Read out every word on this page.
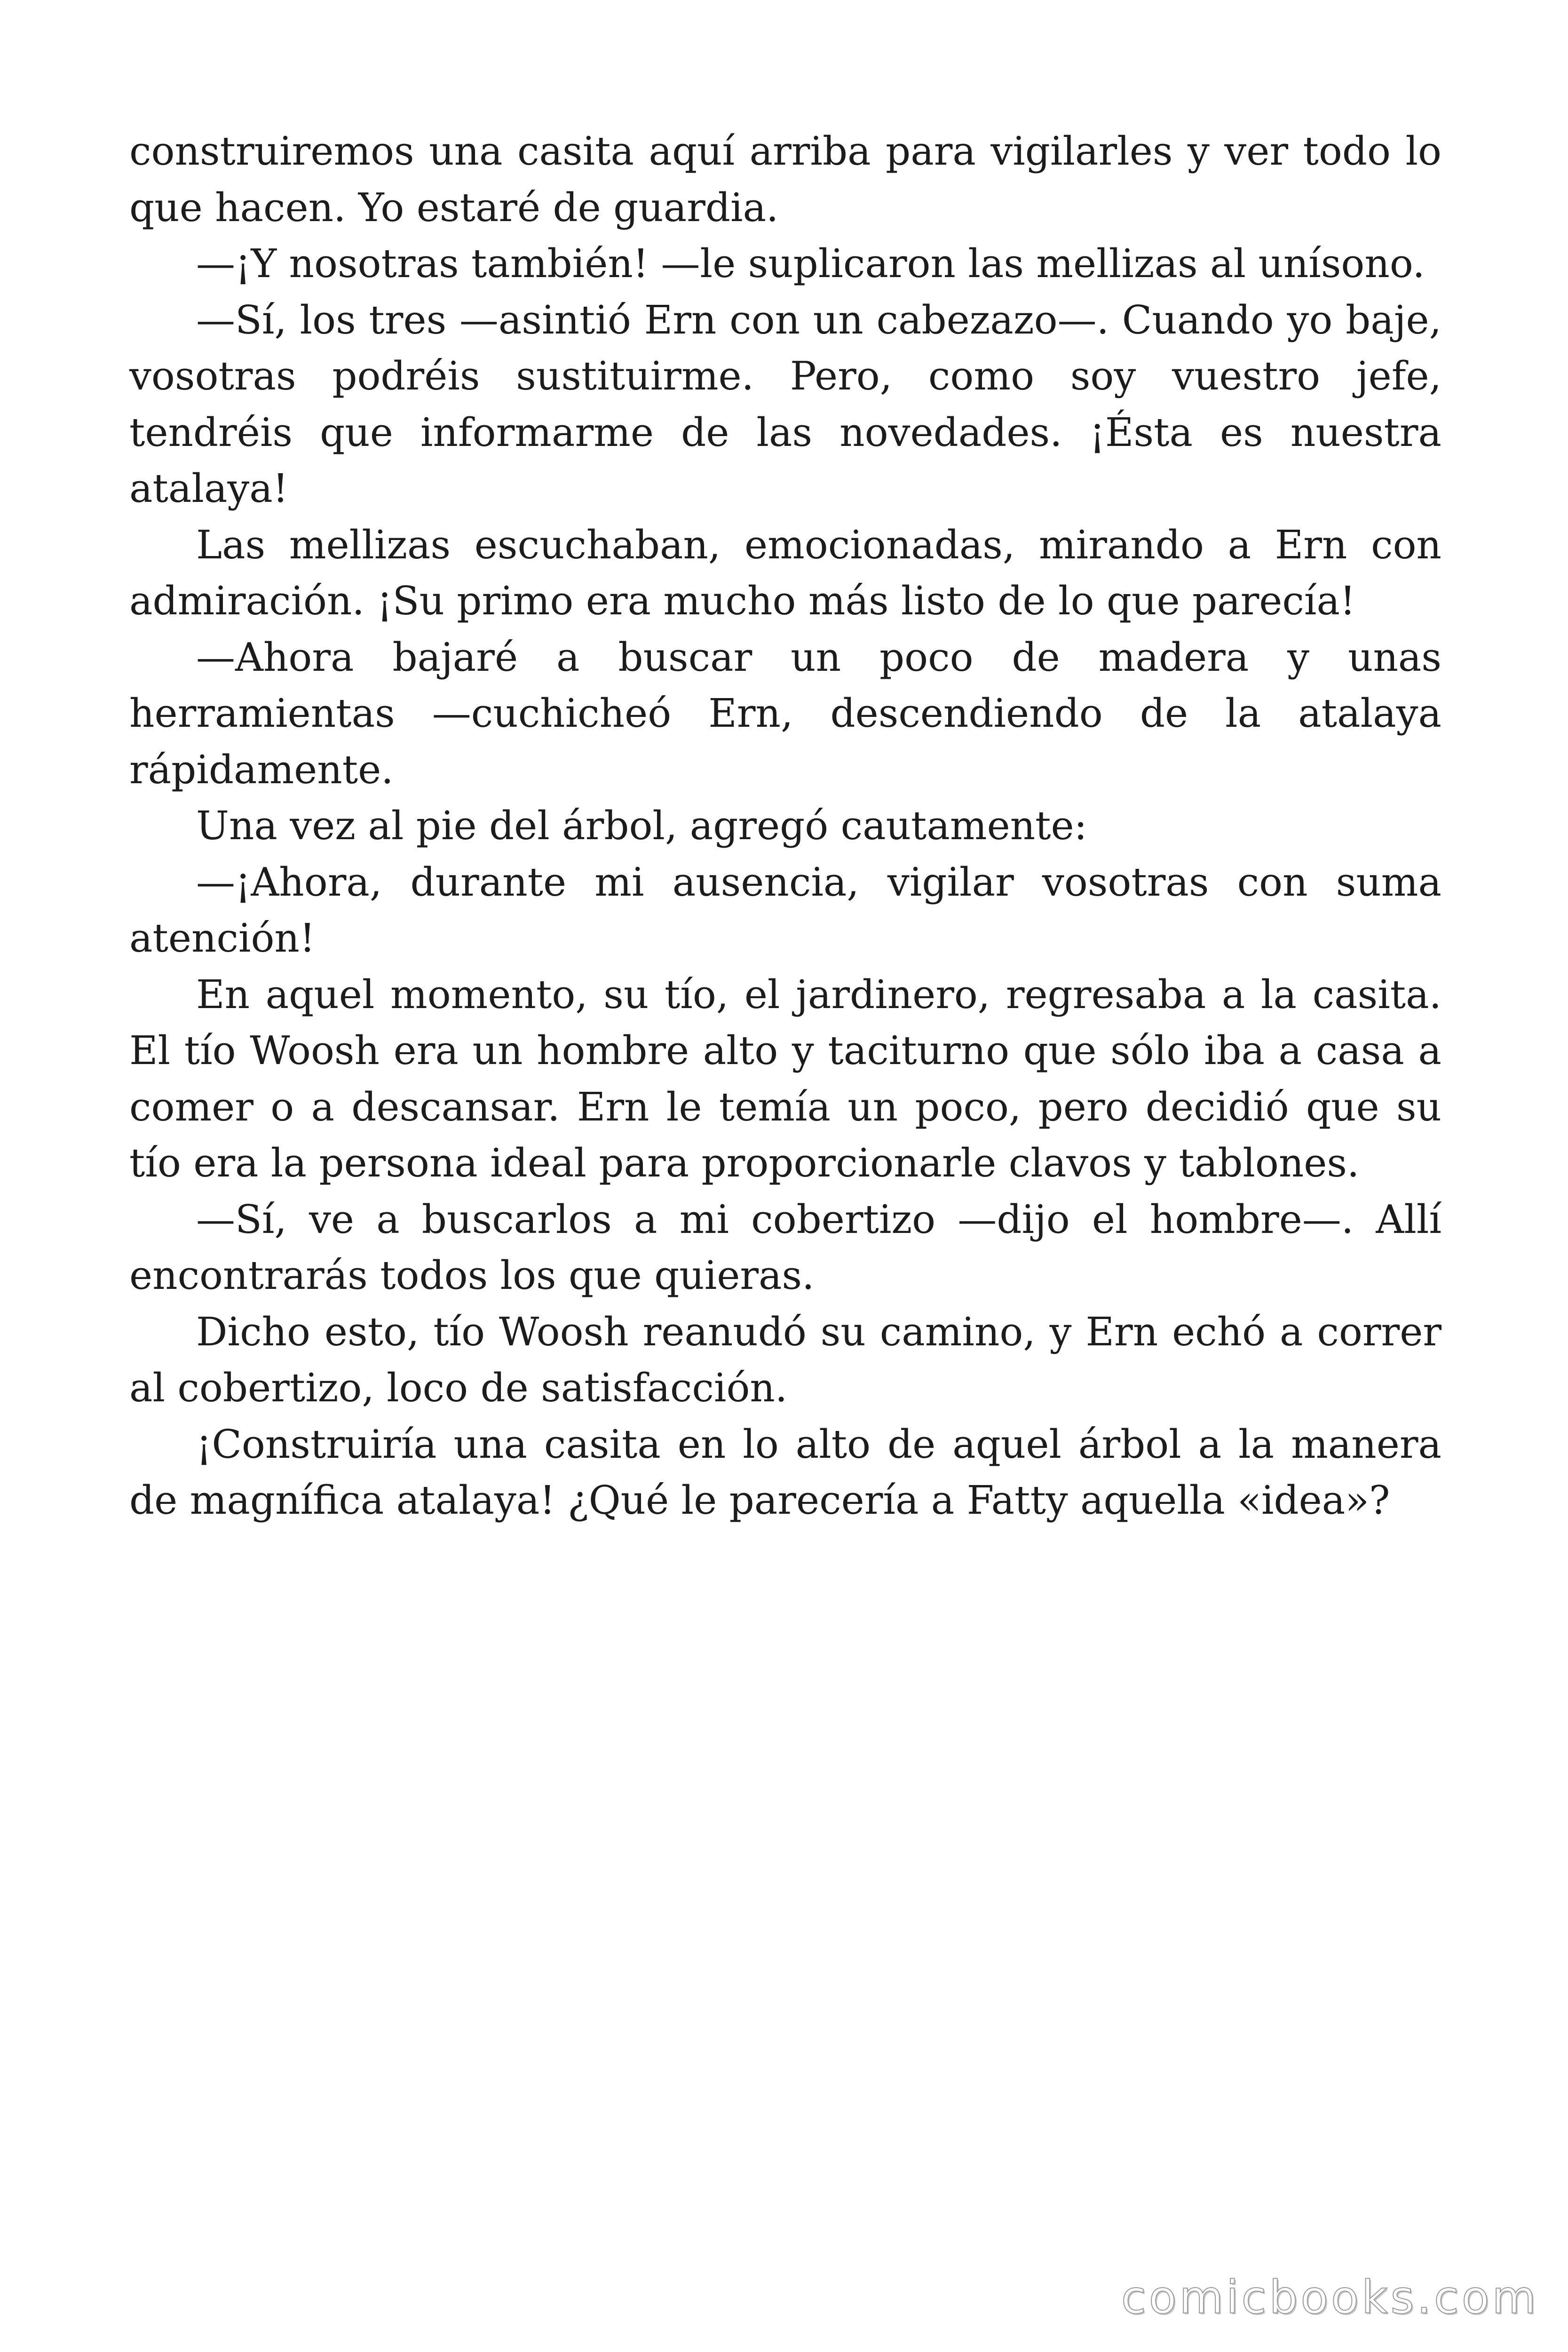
construiremos una casita aquí arriba para vigilarles y ver todo lo que hacen. Yo estaré de guardia.

—¡Y nosotras también! —le suplicaron las mellizas al unísono.

—Sí, los tres —asintió Ern con un cabezazo—. Cuando yo baje, vosotras podréis sustituirme. Pero, como soy vuestro jefe, tendréis que informarme de las novedades. ¡Ésta es nuestra atalaya!

Las mellizas escuchaban, emocionadas, mirando a Ern con admiración. ¡Su primo era mucho más listo de lo que parecía!

—Ahora bajaré a buscar un poco de madera y unas herramientas —cuchicheó Ern, descendiendo de la atalaya rápidamente.

Una vez al pie del árbol, agregó cautamente:

—¡Ahora, durante mi ausencia, vigilar vosotras con suma atención!

En aquel momento, su tío, el jardinero, regresaba a la casita. El tío Woosh era un hombre alto y taciturno que sólo iba a casa a comer o a descansar. Ern le temía un poco, pero decidió que su tío era la persona ideal para proporcionarle clavos y tablones.

—Sí, ve a buscarlos a mi cobertizo —dijo el hombre—. Allí encontrarás todos los que quieras.

Dicho esto, tío Woosh reanudó su camino, y Ern echó a correr al cobertizo, loco de satisfacción.

¡Construiría una casita en lo alto de aquel árbol a la manera de magnífica atalaya! ¿Qué le parecería a Fatty aquella «idea»?

comicbooks.com
